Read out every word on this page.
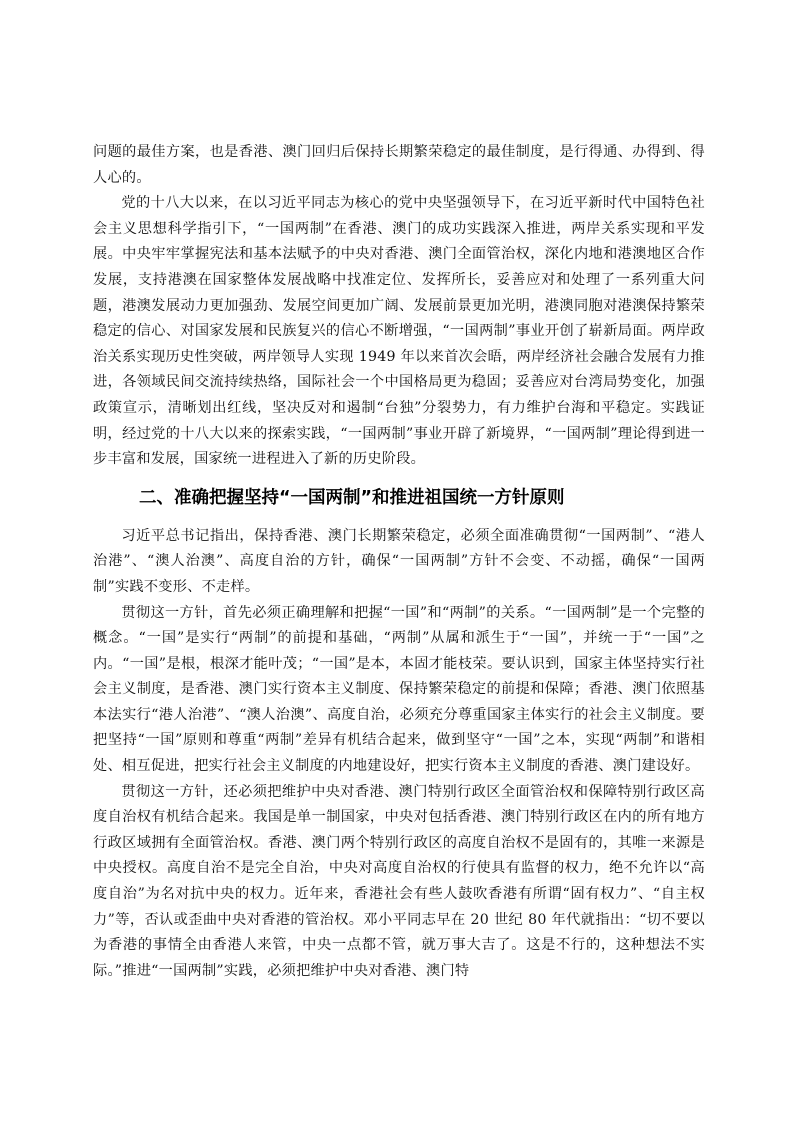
问题的最佳方案，也是香港、澳门回归后保持长期繁荣稳定的最佳制度，是行得通、办得到、得人心的。

党的十八大以来，在以习近平同志为核心的党中央坚强领导下，在习近平新时代中国特色社会主义思想科学指引下，“一国两制”在香港、澳门的成功实践深入推进，两岸关系实现和平发展。中央牢牢掌握宪法和基本法赋予的中央对香港、澳门全面管治权，深化内地和港澳地区合作发展，支持港澳在国家整体发展战略中找准定位、发挥所长，妥善应对和处理了一系列重大问题，港澳发展动力更加强劲、发展空间更加广阔、发展前景更加光明，港澳同胞对港澳保持繁荣稳定的信心、对国家发展和民族复兴的信心不断增强，“一国两制”事业开创了崭新局面。两岸政治关系实现历史性突破，两岸领导人实现 1949 年以来首次会晤，两岸经济社会融合发展有力推进，各领域民间交流持续热络，国际社会一个中国格局更为稳固；妥善应对台湾局势变化，加强政策宣示，清晰划出红线，坚决反对和遏制“台独”分裂势力，有力维护台海和平稳定。实践证明，经过党的十八大以来的探索实践，“一国两制”事业开辟了新境界，“一国两制”理论得到进一步丰富和发展，国家统一进程进入了新的历史阶段。

二、准确把握坚持“一国两制”和推进祖国统一方针原则

习近平总书记指出，保持香港、澳门长期繁荣稳定，必须全面准确贯彻“一国两制”、“港人治港”、“澳人治澳”、高度自治的方针，确保“一国两制”方针不会变、不动摇，确保“一国两制”实践不变形、不走样。

贯彻这一方针，首先必须正确理解和把握“一国”和“两制”的关系。“一国两制”是一个完整的概念。“一国”是实行“两制”的前提和基础，“两制”从属和派生于“一国”，并统一于“一国”之内。“一国”是根，根深才能叶茂；“一国”是本，本固才能枝荣。要认识到，国家主体坚持实行社会主义制度，是香港、澳门实行资本主义制度、保持繁荣稳定的前提和保障；香港、澳门依照基本法实行“港人治港”、“澳人治澳”、高度自治，必须充分尊重国家主体实行的社会主义制度。要把坚持“一国”原则和尊重“两制”差异有机结合起来，做到坚守“一国”之本，实现“两制”和谐相处、相互促进，把实行社会主义制度的内地建设好，把实行资本主义制度的香港、澳门建设好。

贯彻这一方针，还必须把维护中央对香港、澳门特别行政区全面管治权和保障特别行政区高度自治权有机结合起来。我国是单一制国家，中央对包括香港、澳门特别行政区在内的所有地方行政区域拥有全面管治权。香港、澳门两个特别行政区的高度自治权不是固有的，其唯一来源是中央授权。高度自治不是完全自治，中央对高度自治权的行使具有监督的权力，绝不允许以“高度自治”为名对抗中央的权力。近年来，香港社会有些人鼓吹香港有所谓“固有权力”、“自主权力”等，否认或歪曲中央对香港的管治权。邓小平同志早在 20 世纪 80 年代就指出：“切不要以为香港的事情全由香港人来管，中央一点都不管，就万事大吉了。这是不行的，这种想法不实际。”推进“一国两制”实践，必须把维护中央对香港、澳门特
